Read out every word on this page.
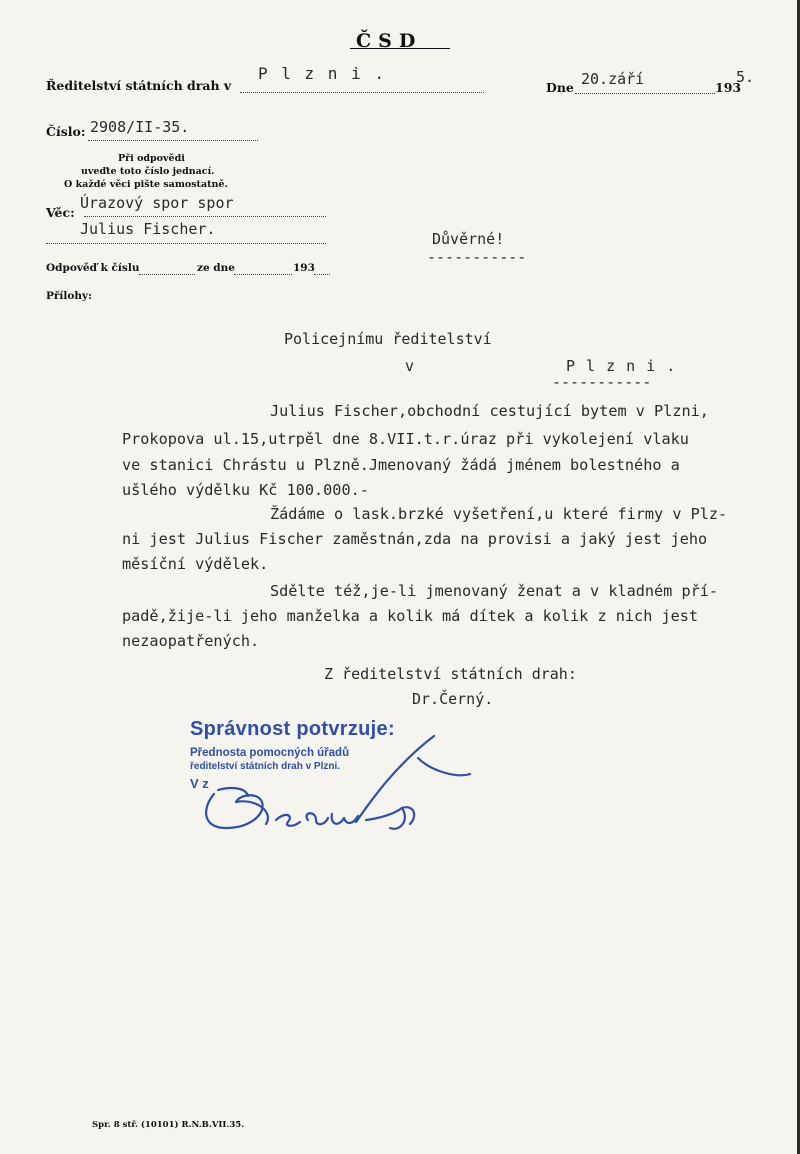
ČSD
Ředitelství státních drah v
P l z n i .
Dne 20.září	193
5.
Číslo: 2908/II-35.
Při odpovědi
uveďte toto číslo jednací.
O každé věci pište samostatně.
Věc:
Úrazový spor spor
Julius Fischer.
Důvěrné!
-----------
Odpověď k číslu	ze dne	193
Přílohy:
Policejnímu ředitelství
v	P l z n i .
-----------
Julius Fischer,obchodní cestující bytem v Plzni,
Prokopova ul.15,utrpěl dne 8.VII.t.r.úraz při vykolejení vlaku
ve stanici Chrástu u Plzně.Jmenovaný žádá jménem bolestného a
ušlého výdělku Kč 100.000.-
Žádáme o lask.brzké vyšetření,u které firmy v Plz-
ni jest Julius Fischer zaměstnán,zda na provisi a jaký jest jeho
měsíční výdělek.
Sdělte též,je-li jmenovaný ženat a v kladném pří-
padě,žije-li jeho manželka a kolik má dítek a kolik z nich jest
nezaopatřených.
Z ředitelství státních drah:
Dr.Černý.
Správnost potvrzuje:
Přednosta pomocných úřadů
ředitelství státních drah v Plzni.
V z
Spr. 8 stř. (10101) R.N.B.VII.35.
